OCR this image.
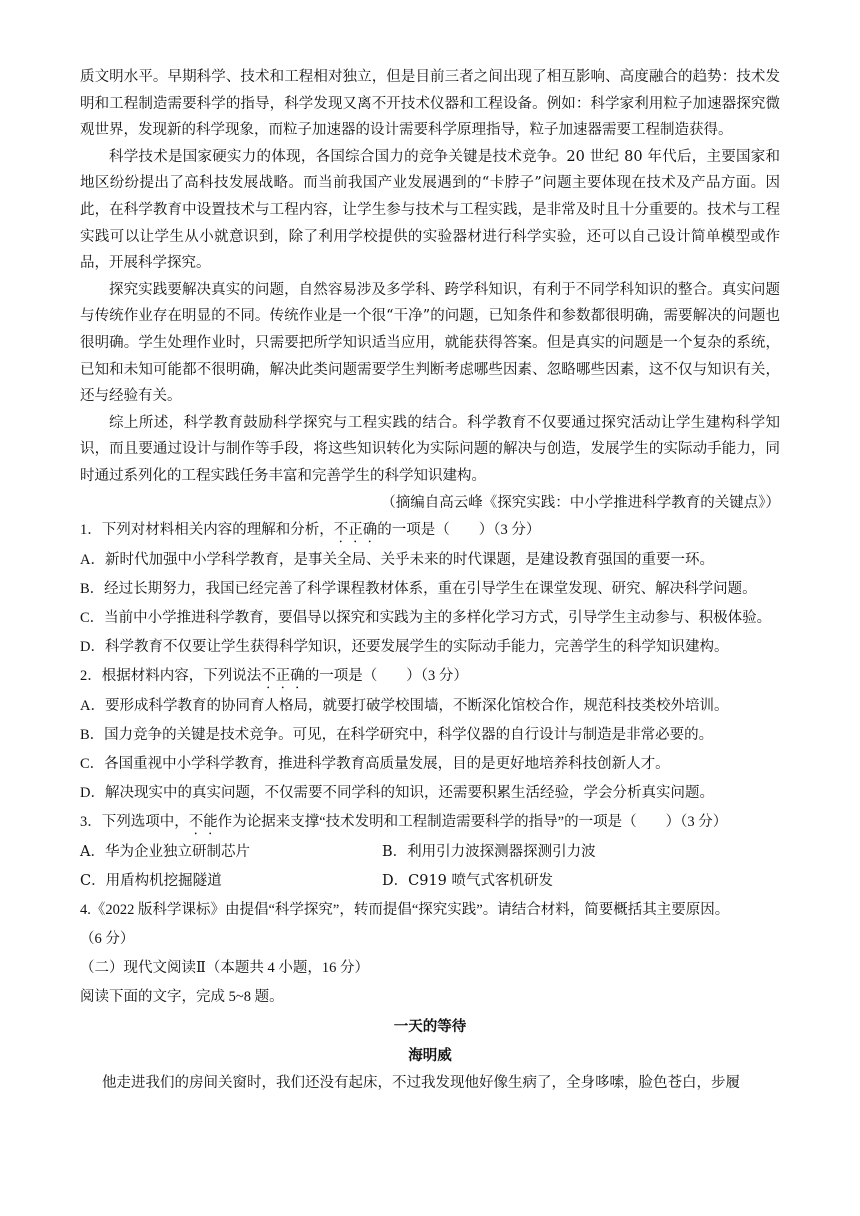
质文明水平。早期科学、技术和工程相对独立，但是目前三者之间出现了相互影响、高度融合的趋势：技术发明和工程制造需要科学的指导，科学发现又离不开技术仪器和工程设备。例如：科学家利用粒子加速器探究微观世界，发现新的科学现象，而粒子加速器的设计需要科学原理指导，粒子加速器需要工程制造获得。

科学技术是国家硬实力的体现，各国综合国力的竞争关键是技术竞争。20 世纪 80 年代后，主要国家和地区纷纷提出了高科技发展战略。而当前我国产业发展遇到的“卡脖子”问题主要体现在技术及产品方面。因此，在科学教育中设置技术与工程内容，让学生参与技术与工程实践，是非常及时且十分重要的。技术与工程实践可以让学生从小就意识到，除了利用学校提供的实验器材进行科学实验，还可以自己设计简单模型或作品，开展科学探究。

探究实践要解决真实的问题，自然容易涉及多学科、跨学科知识，有利于不同学科知识的整合。真实问题与传统作业存在明显的不同。传统作业是一个很“干净”的问题，已知条件和参数都很明确，需要解决的问题也很明确。学生处理作业时，只需要把所学知识适当应用，就能获得答案。但是真实的问题是一个复杂的系统，已知和未知可能都不很明确，解决此类问题需要学生判断考虑哪些因素、忽略哪些因素，这不仅与知识有关，还与经验有关。

综上所述，科学教育鼓励科学探究与工程实践的结合。科学教育不仅要通过探究活动让学生建构科学知识，而且要通过设计与制作等手段，将这些知识转化为实际问题的解决与创造，发展学生的实际动手能力，同时通过系列化的工程实践任务丰富和完善学生的科学知识建构。

（摘编自高云峰《探究实践：中小学推进科学教育的关键点》）

1．下列对材料相关内容的理解和分析，不正确的一项是（　　）（3 分）

A．新时代加强中小学科学教育，是事关全局、关乎未来的时代课题，是建设教育强国的重要一环。

B．经过长期努力，我国已经完善了科学课程教材体系，重在引导学生在课堂发现、研究、解决科学问题。

C．当前中小学推进科学教育，要倡导以探究和实践为主的多样化学习方式，引导学生主动参与、积极体验。

D．科学教育不仅要让学生获得科学知识，还要发展学生的实际动手能力，完善学生的科学知识建构。

2．根据材料内容，下列说法不正确的一项是（　　）（3 分）

A．要形成科学教育的协同育人格局，就要打破学校围墙，不断深化馆校合作，规范科技类校外培训。

B．国力竞争的关键是技术竞争。可见，在科学研究中，科学仪器的自行设计与制造是非常必要的。

C．各国重视中小学科学教育，推进科学教育高质量发展，目的是更好地培养科技创新人才。

D．解决现实中的真实问题，不仅需要不同学科的知识，还需要积累生活经验，学会分析真实问题。

3．下列选项中，不能作为论据来支撑“技术发明和工程制造需要科学的指导”的一项是（　　）（3 分）

A．华为企业独立研制芯片	B．利用引力波探测器探测引力波
C．用盾构机挖掘隧道	D．C919 喷气式客机研发

4.《2022 版科学课标》由提倡“科学探究”，转而提倡“探究实践”。请结合材料，简要概括其主要原因。

（6 分）

（二）现代文阅读Ⅱ（本题共 4 小题，16 分）

阅读下面的文字，完成 5~8 题。

一天的等待

海明威

他走进我们的房间关窗时，我们还没有起床，不过我发现他好像生病了，全身哆嗦，脸色苍白，步履
